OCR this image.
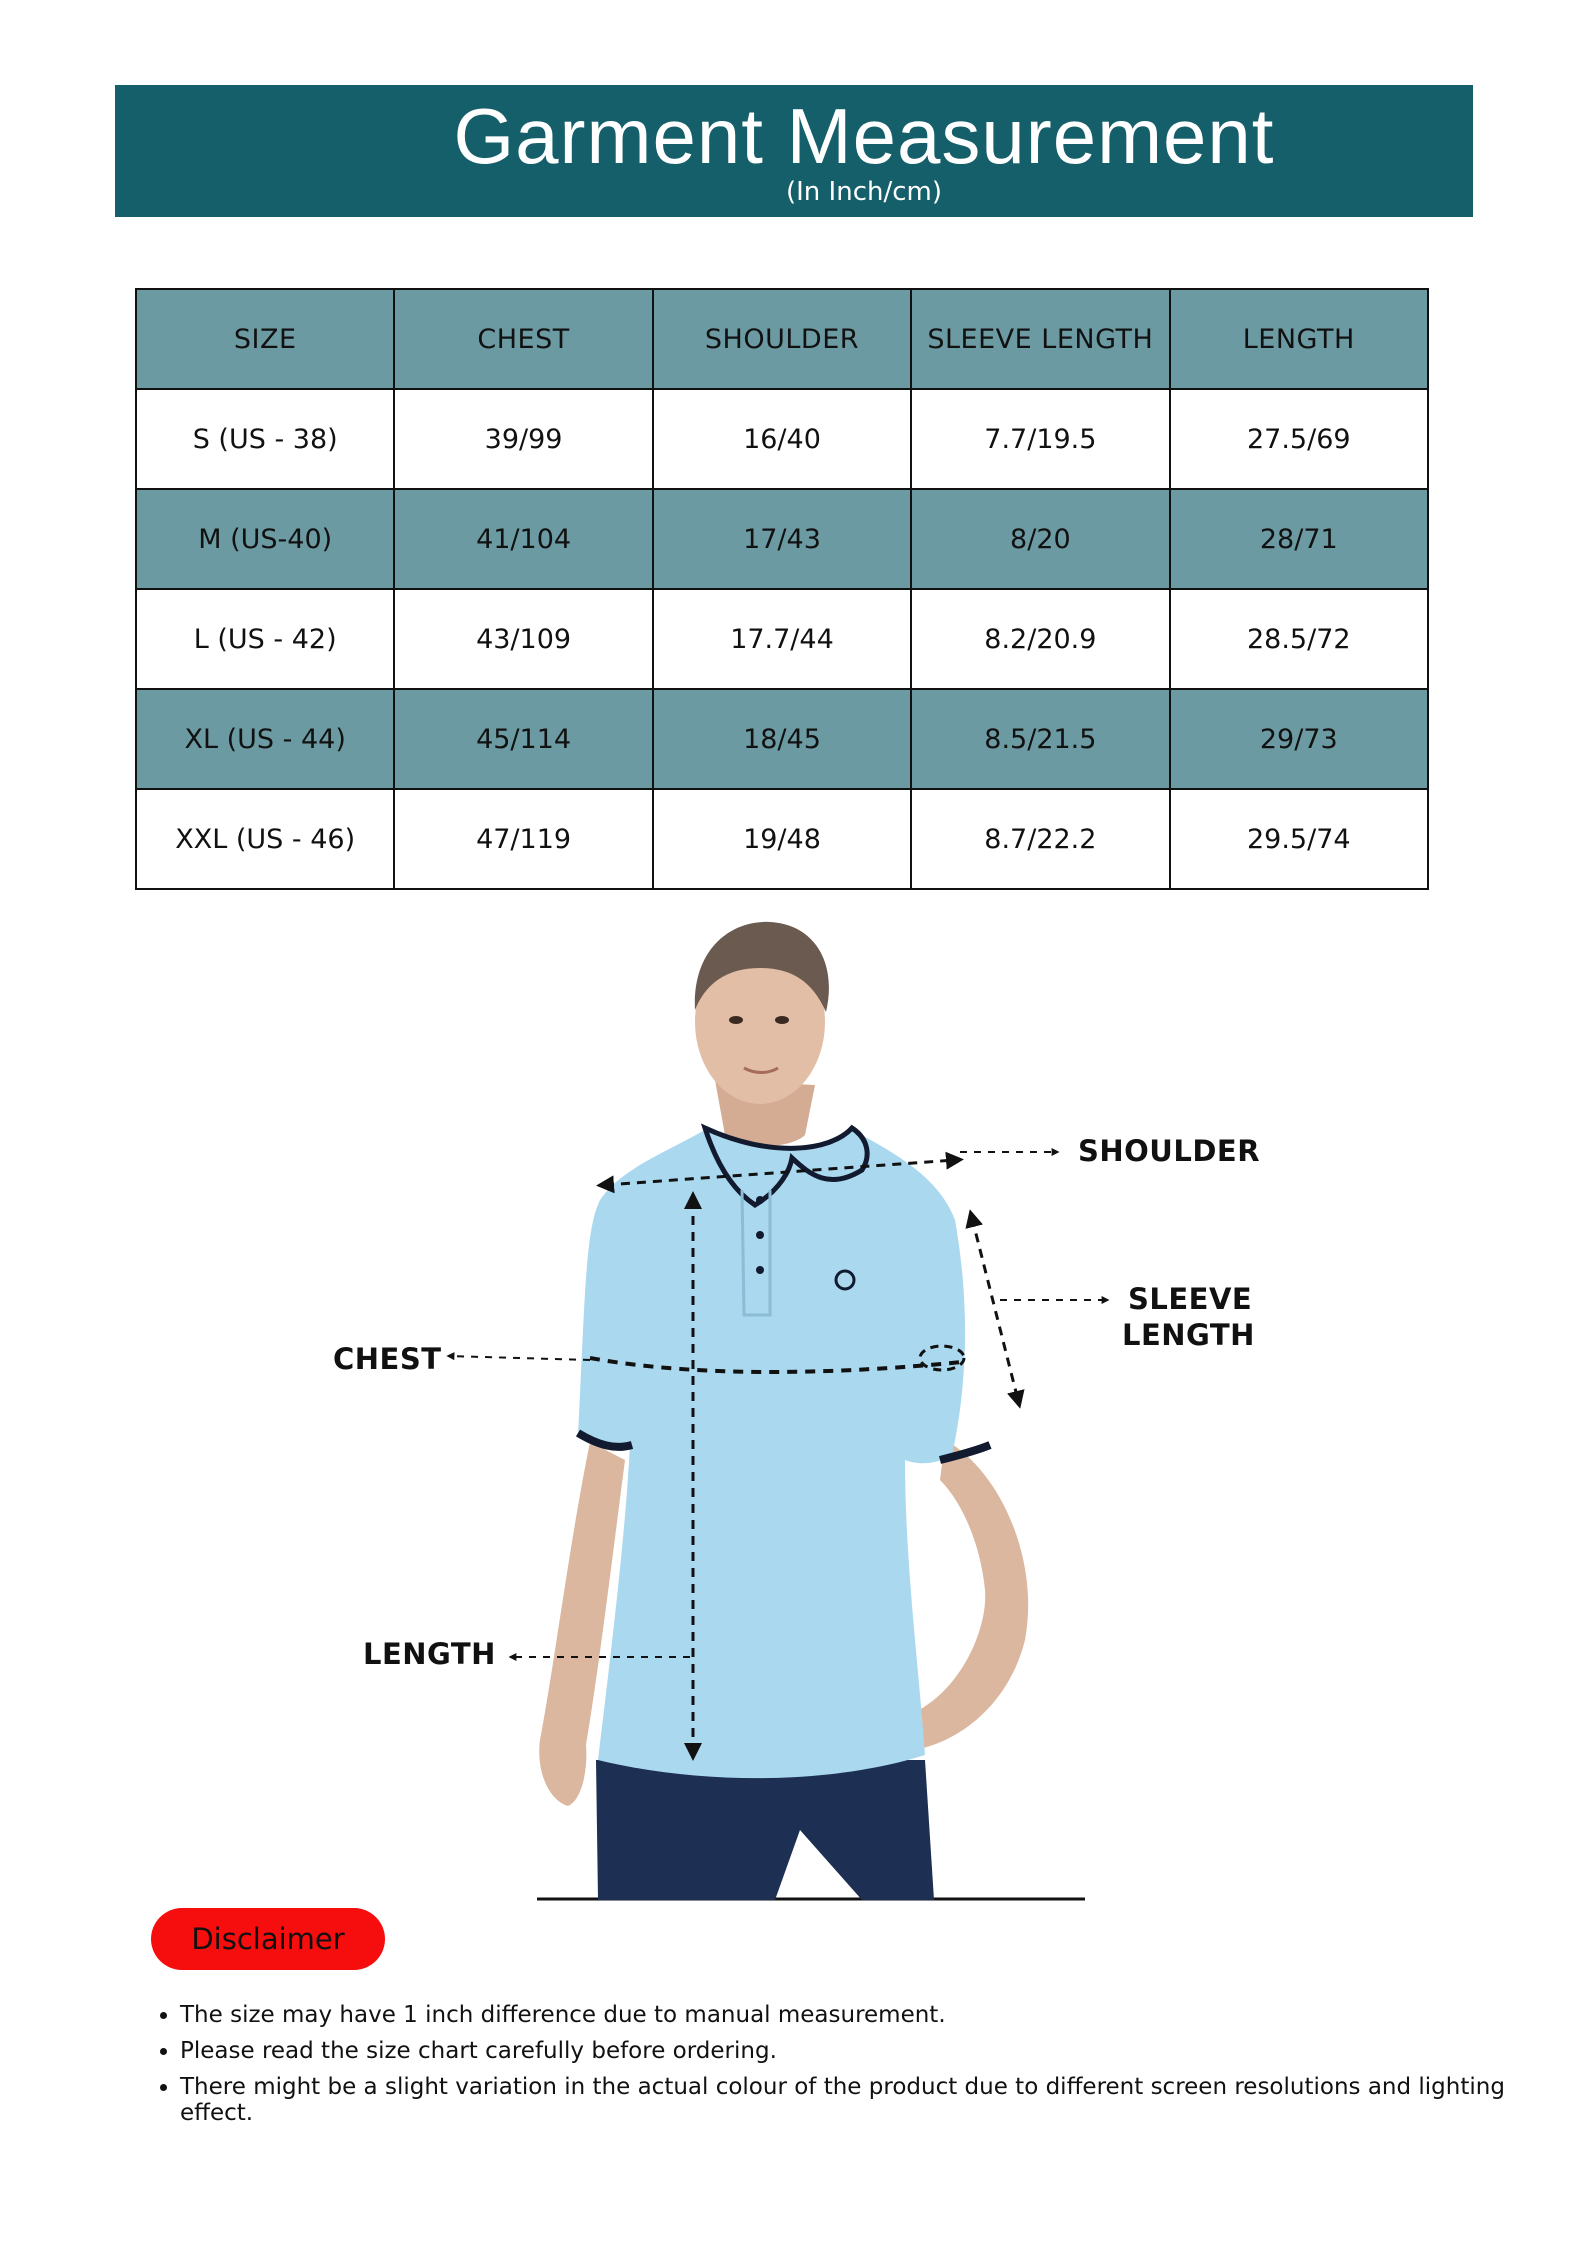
Garment Measurement
(In Inch/cm)
SIZE	CHEST	SHOULDER	SLEEVE LENGTH	LENGTH
S (US - 38)	39/99	16/40	7.7/19.5	27.5/69
M (US-40)	41/104	17/43	8/20	28/71
L (US - 42)	43/109	17.7/44	8.2/20.9	28.5/72
XL (US - 44)	45/114	18/45	8.5/21.5	29/73
XXL (US - 46)	47/119	19/48	8.7/22.2	29.5/74
SHOULDER
SLEEVE
LENGTH
CHEST
LENGTH
Disclaimer
• The size may have 1 inch difference due to manual measurement.
• Please read the size chart carefully before ordering.
• There might be a slight variation in the actual colour of the product due to different screen resolutions and lighting effect.
